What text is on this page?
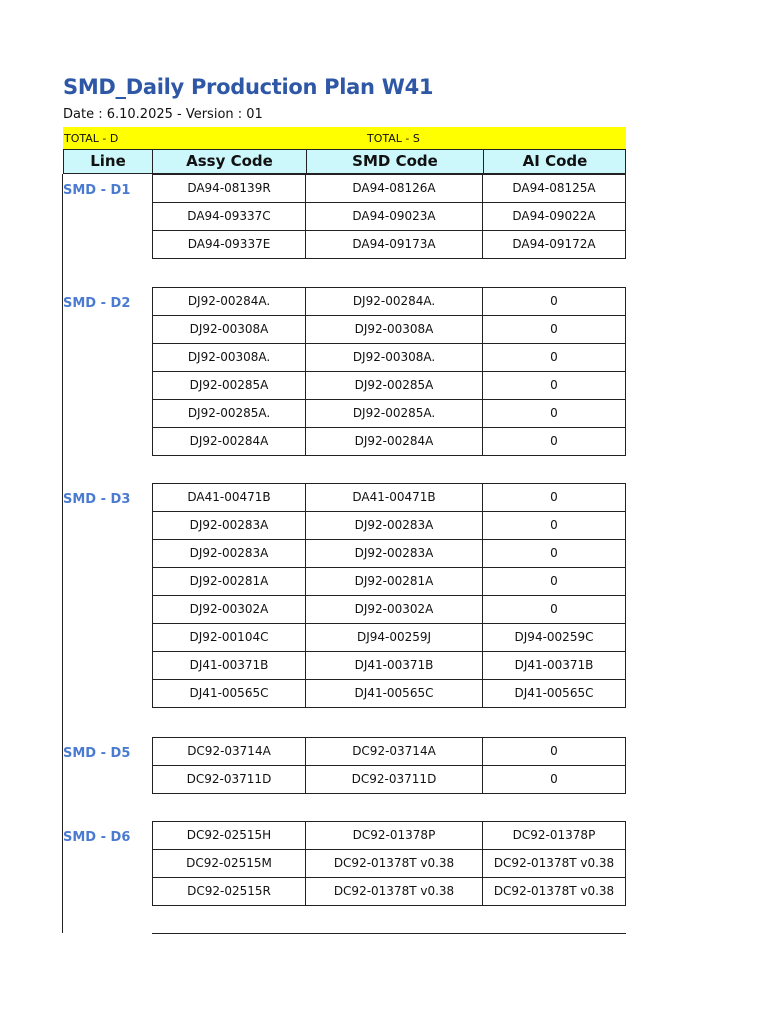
SMD_Daily Production Plan W41
Date : 6.10.2025 - Version : 01
TOTAL - D	TOTAL - S
Line	Assy Code	SMD Code	AI Code
SMD - D1	DA94-08139R	DA94-08126A	DA94-08125A
DA94-09337C	DA94-09023A	DA94-09022A
DA94-09337E	DA94-09173A	DA94-09172A
SMD - D2	DJ92-00284A.	DJ92-00284A.	0
DJ92-00308A	DJ92-00308A	0
DJ92-00308A.	DJ92-00308A.	0
DJ92-00285A	DJ92-00285A	0
DJ92-00285A.	DJ92-00285A.	0
DJ92-00284A	DJ92-00284A	0
SMD - D3	DA41-00471B	DA41-00471B	0
DJ92-00283A	DJ92-00283A	0
DJ92-00283A	DJ92-00283A	0
DJ92-00281A	DJ92-00281A	0
DJ92-00302A	DJ92-00302A	0
DJ92-00104C	DJ94-00259J	DJ94-00259C
DJ41-00371B	DJ41-00371B	DJ41-00371B
DJ41-00565C	DJ41-00565C	DJ41-00565C
SMD - D5	DC92-03714A	DC92-03714A	0
DC92-03711D	DC92-03711D	0
SMD - D6	DC92-02515H	DC92-01378P	DC92-01378P
DC92-02515M	DC92-01378T v0.38	DC92-01378T v0.38
DC92-02515R	DC92-01378T v0.38	DC92-01378T v0.38
